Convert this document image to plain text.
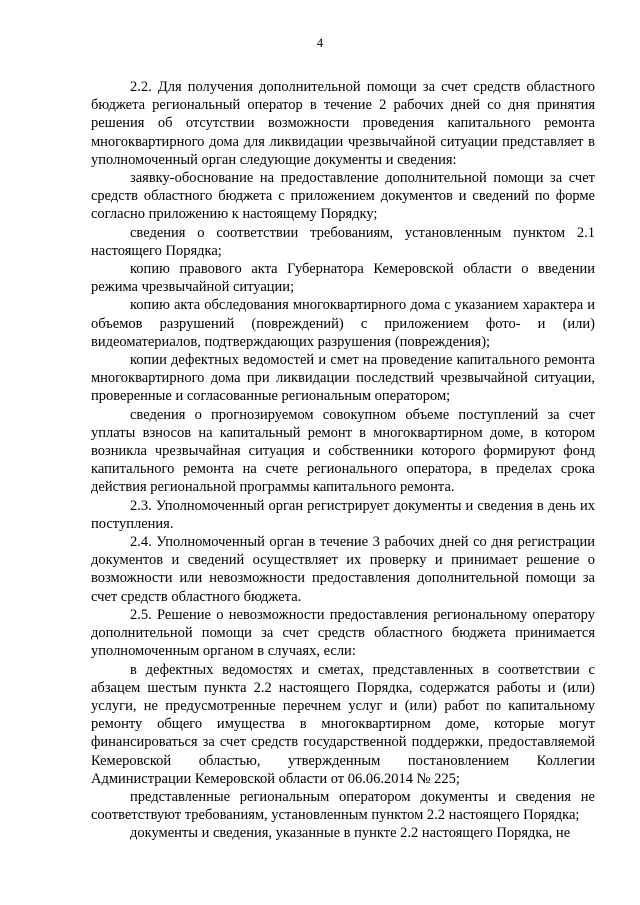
4

2.2. Для получения дополнительной помощи за счет средств областного бюджета региональный оператор в течение 2 рабочих дней со дня принятия решения об отсутствии возможности проведения капитального ремонта многоквартирного дома для ликвидации чрезвычайной ситуации представляет в уполномоченный орган следующие документы и сведения:

заявку-обоснование на предоставление дополнительной помощи за счет средств областного бюджета с приложением документов и сведений по форме согласно приложению к настоящему Порядку;

сведения о соответствии требованиям, установленным пунктом 2.1 настоящего Порядка;

копию правового акта Губернатора Кемеровской области о введении режима чрезвычайной ситуации;

копию акта обследования многоквартирного дома с указанием характера и объемов разрушений (повреждений) с приложением фото- и (или) видеоматериалов, подтверждающих разрушения (повреждения);

копии дефектных ведомостей и смет на проведение капитального ремонта многоквартирного дома при ликвидации последствий чрезвычайной ситуации, проверенные и согласованные региональным оператором;

сведения о прогнозируемом совокупном объеме поступлений за счет уплаты взносов на капитальный ремонт в многоквартирном доме, в котором возникла чрезвычайная ситуация и собственники которого формируют фонд капитального ремонта на счете регионального оператора, в пределах срока действия региональной программы капитального ремонта.

2.3. Уполномоченный орган регистрирует документы и сведения в день их поступления.

2.4. Уполномоченный орган в течение 3 рабочих дней со дня регистрации документов и сведений осуществляет их проверку и принимает решение о возможности или невозможности предоставления дополнительной помощи за счет средств областного бюджета.

2.5. Решение о невозможности предоставления региональному оператору дополнительной помощи за счет средств областного бюджета принимается уполномоченным органом в случаях, если:

в дефектных ведомостях и сметах, представленных в соответствии с абзацем шестым пункта 2.2 настоящего Порядка, содержатся работы и (или) услуги, не предусмотренные перечнем услуг и (или) работ по капитальному ремонту общего имущества в многоквартирном доме, которые могут финансироваться за счет средств государственной поддержки, предоставляемой Кемеровской областью, утвержденным постановлением Коллегии Администрации Кемеровской области от 06.06.2014 № 225;

представленные региональным оператором документы и сведения не соответствуют требованиям, установленным пунктом 2.2 настоящего Порядка;

документы и сведения, указанные в пункте 2.2 настоящего Порядка, не
